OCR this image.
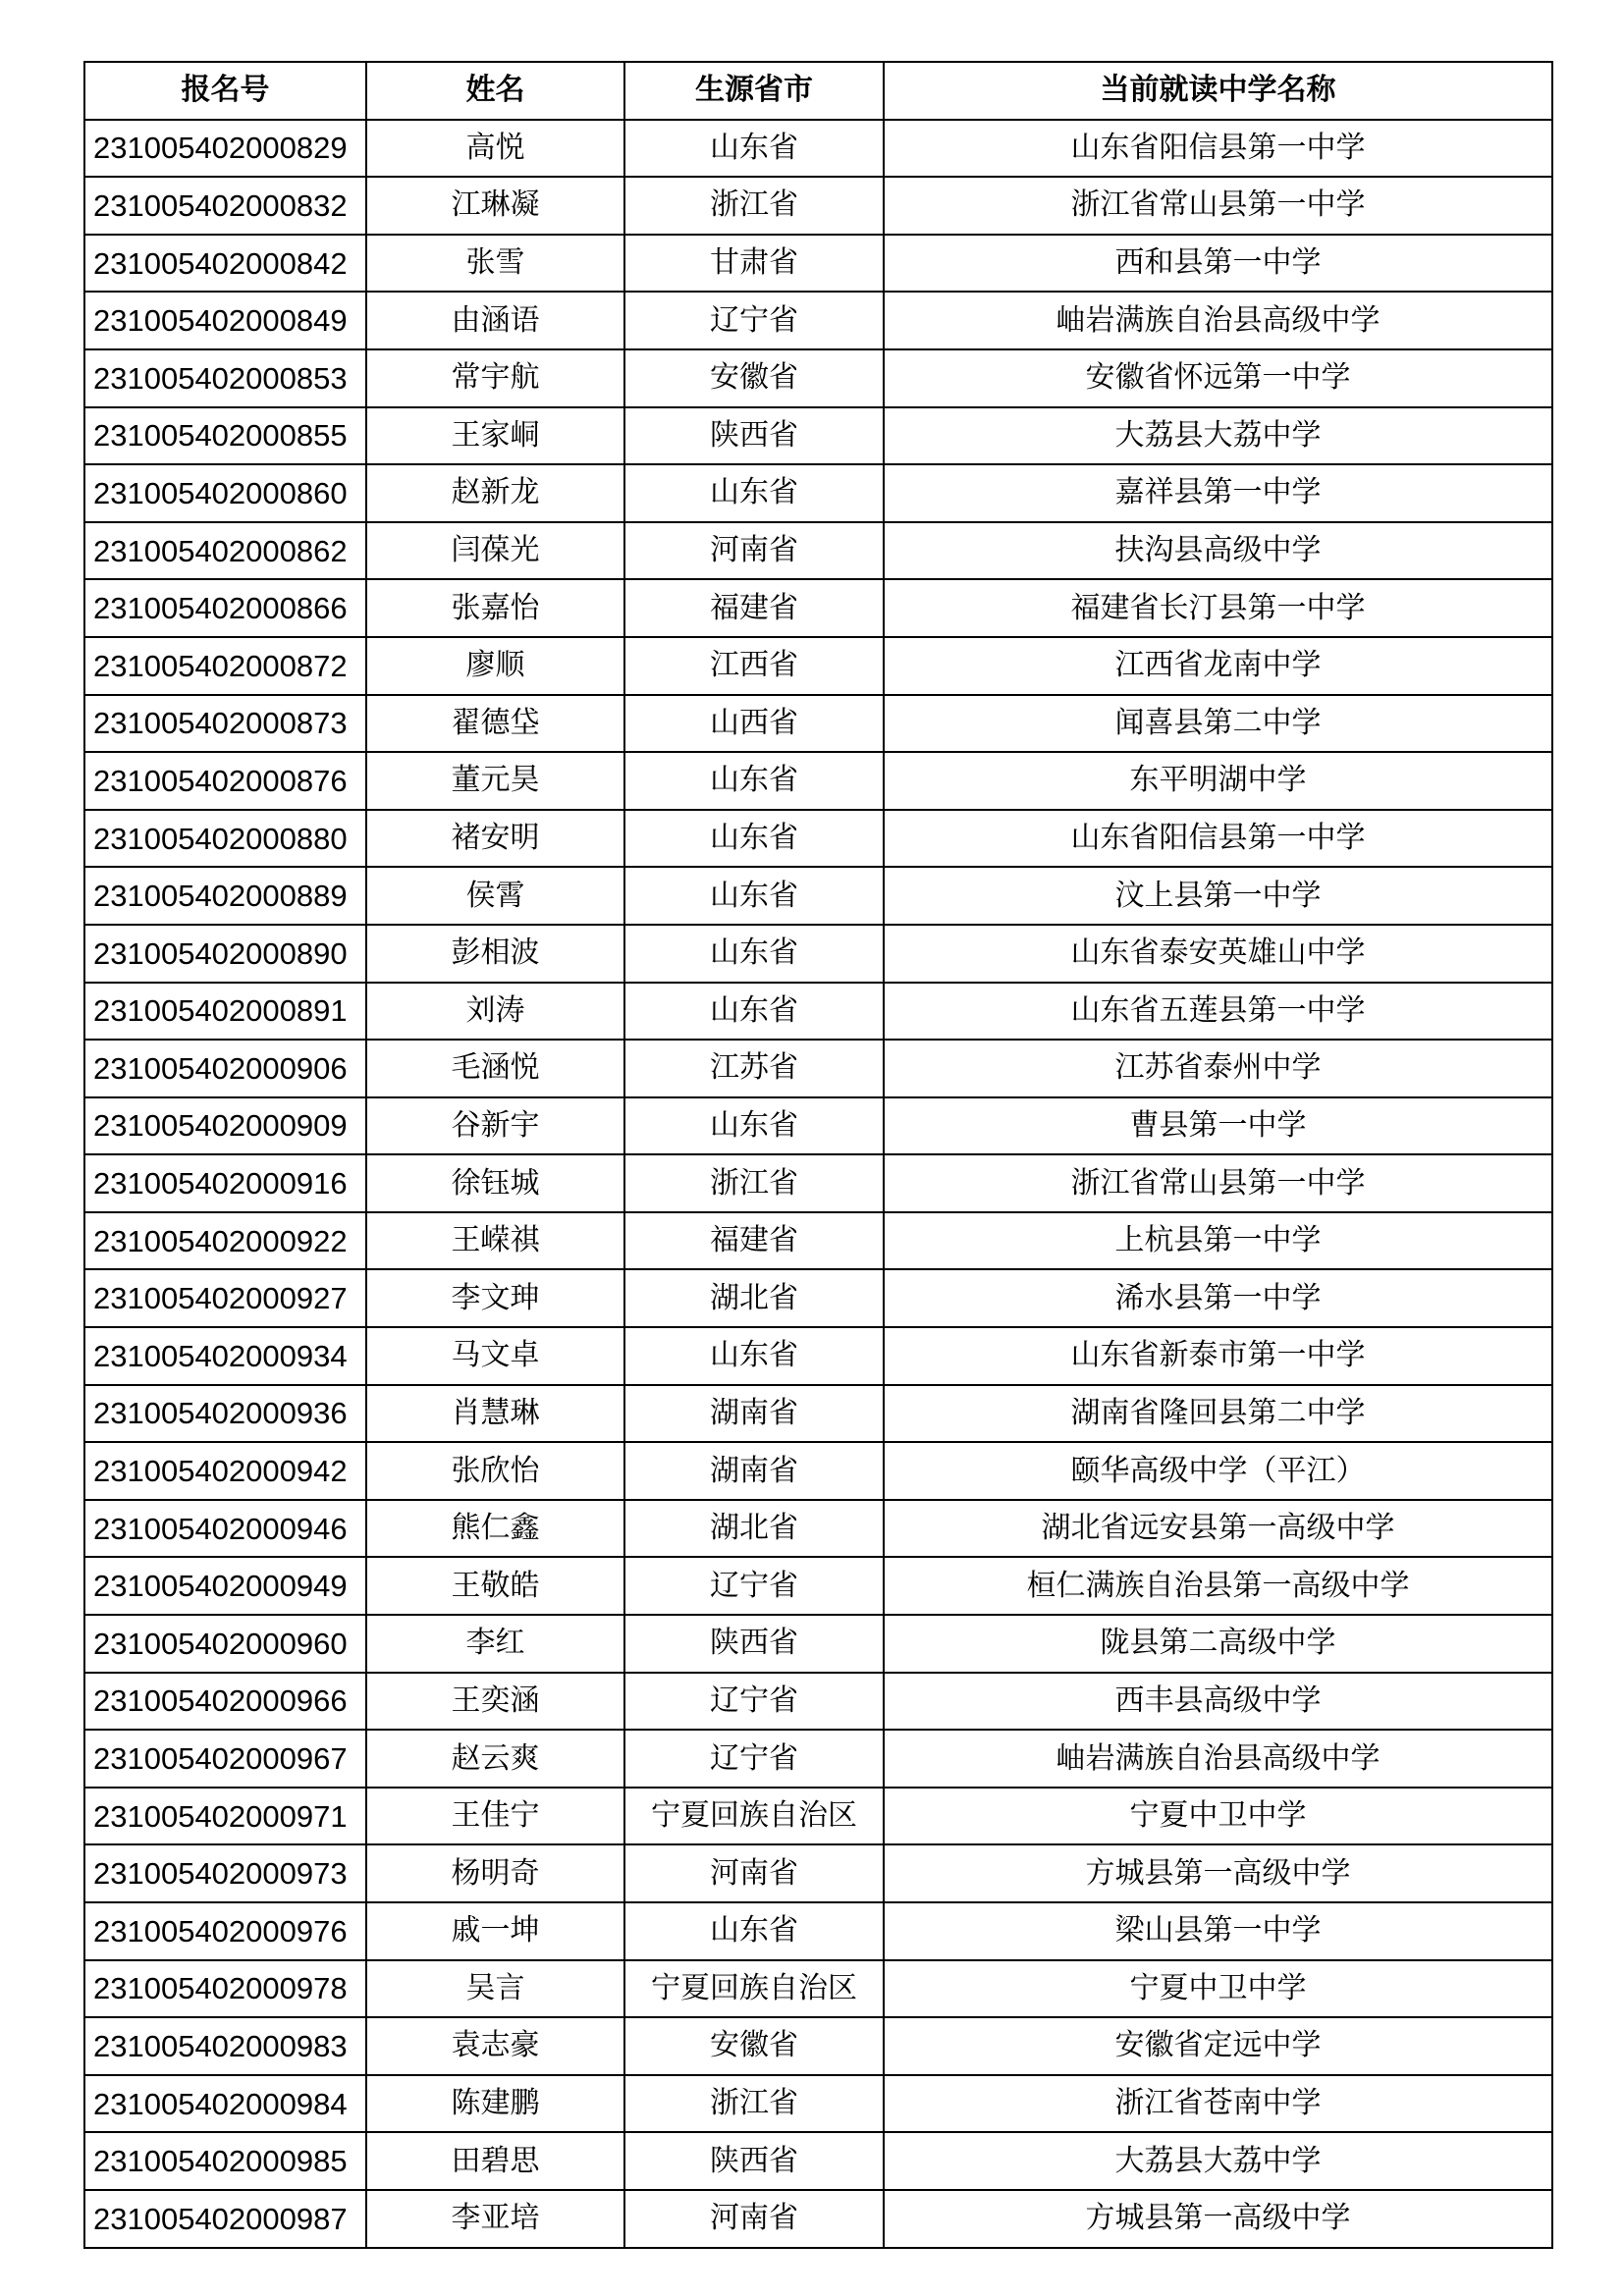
报名号	姓名	生源省市	当前就读中学名称
231005402000829	高悦	山东省	山东省阳信县第一中学
231005402000832	江琳凝	浙江省	浙江省常山县第一中学
231005402000842	张雪	甘肃省	西和县第一中学
231005402000849	由涵语	辽宁省	岫岩满族自治县高级中学
231005402000853	常宇航	安徽省	安徽省怀远第一中学
231005402000855	王家峒	陕西省	大荔县大荔中学
231005402000860	赵新龙	山东省	嘉祥县第一中学
231005402000862	闫葆光	河南省	扶沟县高级中学
231005402000866	张嘉怡	福建省	福建省长汀县第一中学
231005402000872	廖顺	江西省	江西省龙南中学
231005402000873	翟德垈	山西省	闻喜县第二中学
231005402000876	董元昊	山东省	东平明湖中学
231005402000880	褚安明	山东省	山东省阳信县第一中学
231005402000889	侯霄	山东省	汶上县第一中学
231005402000890	彭相波	山东省	山东省泰安英雄山中学
231005402000891	刘涛	山东省	山东省五莲县第一中学
231005402000906	毛涵悦	江苏省	江苏省泰州中学
231005402000909	谷新宇	山东省	曹县第一中学
231005402000916	徐钰城	浙江省	浙江省常山县第一中学
231005402000922	王嵘祺	福建省	上杭县第一中学
231005402000927	李文珅	湖北省	浠水县第一中学
231005402000934	马文卓	山东省	山东省新泰市第一中学
231005402000936	肖慧琳	湖南省	湖南省隆回县第二中学
231005402000942	张欣怡	湖南省	颐华高级中学（平江）
231005402000946	熊仁鑫	湖北省	湖北省远安县第一高级中学
231005402000949	王敬皓	辽宁省	桓仁满族自治县第一高级中学
231005402000960	李红	陕西省	陇县第二高级中学
231005402000966	王奕涵	辽宁省	西丰县高级中学
231005402000967	赵云爽	辽宁省	岫岩满族自治县高级中学
231005402000971	王佳宁	宁夏回族自治区	宁夏中卫中学
231005402000973	杨明奇	河南省	方城县第一高级中学
231005402000976	戚一坤	山东省	梁山县第一中学
231005402000978	吴言	宁夏回族自治区	宁夏中卫中学
231005402000983	袁志豪	安徽省	安徽省定远中学
231005402000984	陈建鹏	浙江省	浙江省苍南中学
231005402000985	田碧思	陕西省	大荔县大荔中学
231005402000987	李亚培	河南省	方城县第一高级中学
